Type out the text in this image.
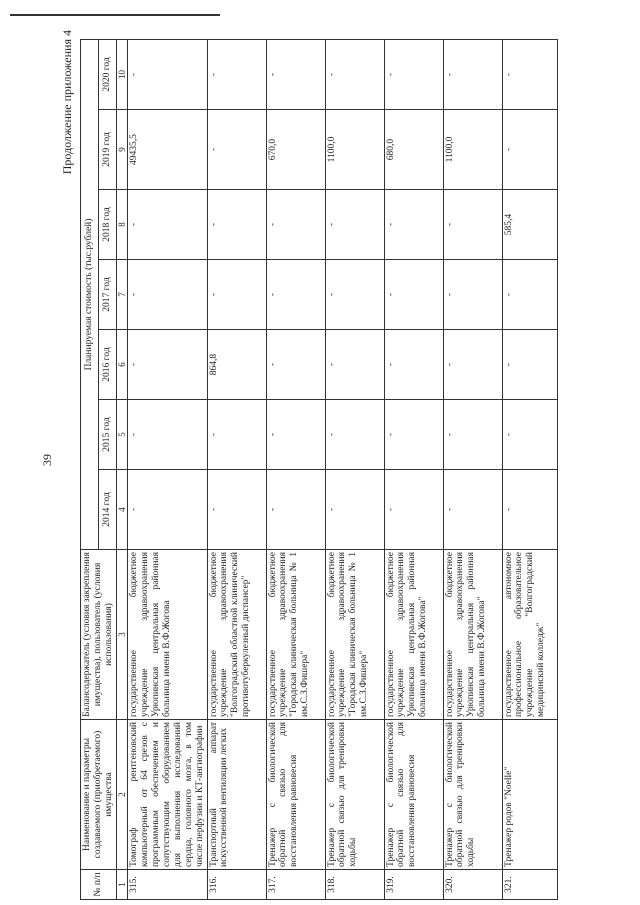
39
Продолжение приложения 4
№ п/п	Наименование и параметры создаваемого (приобретаемого) имущества	Балансодержатель (условия закрепления имущества), пользователь (условия использования)	Планируемая стоимость (тыс.рублей)						
			2014 год	2015 год	2016 год	2017 год	2018 год	2019 год	2020 год
1	2	3	4	5	6	7	8	9	10
315.	Томограф рентгеновский компьютерный от 64 срезов с программным обеспечением и сопутствующим оборудованием для выполнения исследований сердца, головного мозга, в том числе перфузии и КТ-ангиографии	государственное бюджетное учреждение здравоохранения Урюпинская центральная районная больница имени В.Ф.Жогова	-	-	-	-	-	49435,5	-
316.	Транспортный аппарат искусственной вентиляции легких	государственное бюджетное учреждение здравоохранения "Волгоградский областной клинический противотуберкулезный диспансер"	-	-	864,8	-	-	-	-
317.	Тренажер с биологической обратной связью для восстановления равновесия	государственное бюджетное учреждение здравоохранения "Городская клиническая больница № 1 им.С.З.Фишера"	-	-	-	-	-	670,0	-
318.	Тренажер с биологической обратной связью для тренировки ходьбы	государственное бюджетное учреждение здравоохранения "Городская клиническая больница № 1 им.С.З.Фишера"	-	-	-	-	-	1100,0	-
319.	Тренажер с биологической обратной связью для восстановления равновесия	государственное бюджетное учреждение здравоохранения Урюпинская центральная районная больница имени В.Ф.Жогова"	-	-	-	-	-	680,0	-
320.	Тренажер с биологической обратной связью для тренировки ходьбы	государственное бюджетное учреждение здравоохранения Урюпинская центральная районная больница имени В.Ф.Жогова"	-	-	-	-	-	1100,0	-
321.	Тренажер родов "Noelle"	государственное автономное профессиональное образовательное учреждение "Волгоградский медицинский колледж"	-	-	-	-	585,4	-	-
